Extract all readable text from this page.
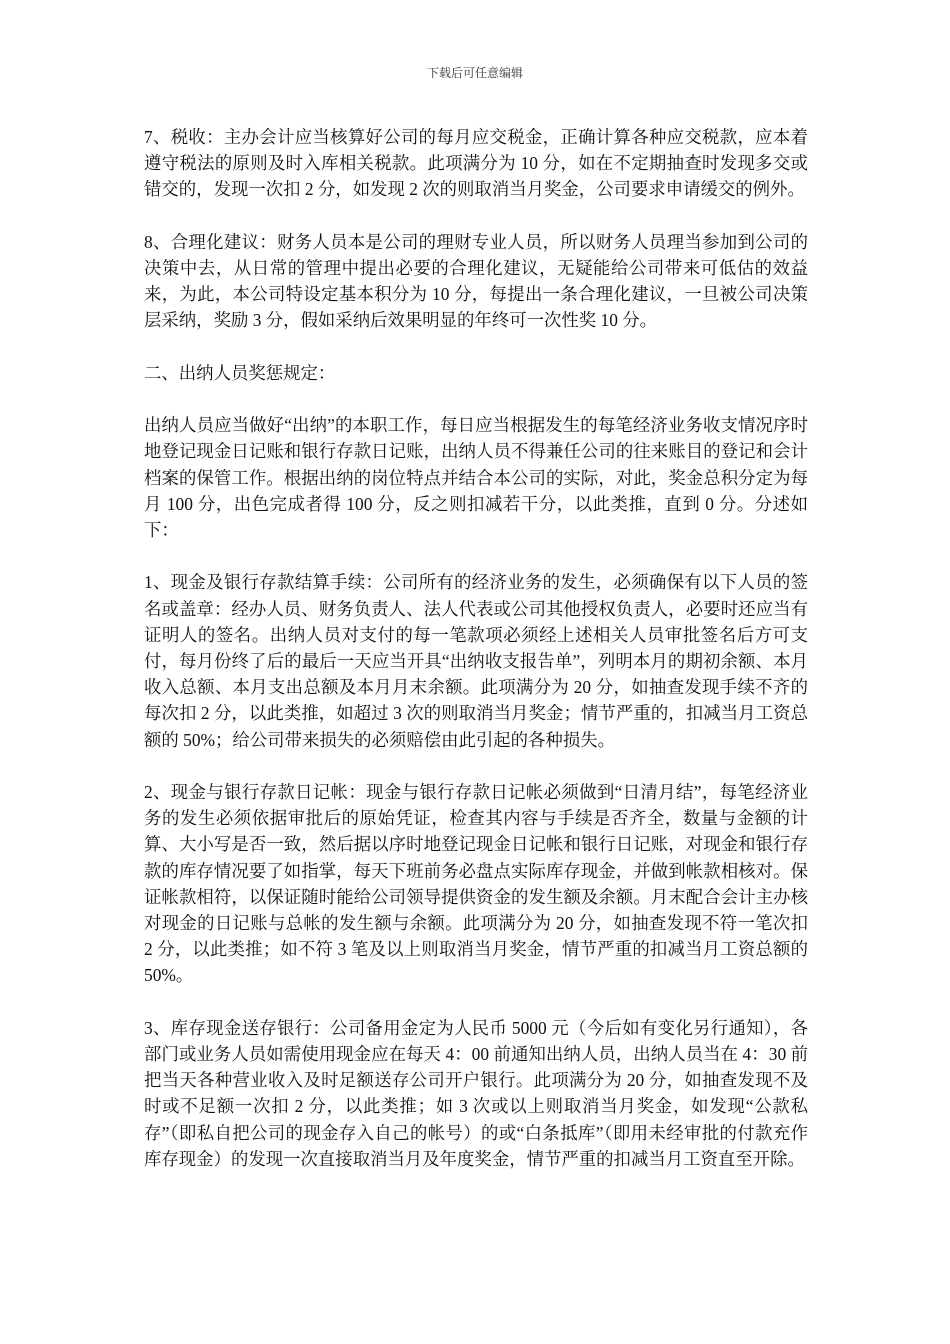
下载后可任意编辑

7、税收：主办会计应当核算好公司的每月应交税金，正确计算各种应交税款，应本着遵守税法的原则及时入库相关税款。此项满分为 10 分，如在不定期抽查时发现多交或错交的，发现一次扣 2 分，如发现 2 次的则取消当月奖金，公司要求申请缓交的例外。

8、合理化建议：财务人员本是公司的理财专业人员，所以财务人员理当参加到公司的决策中去，从日常的管理中提出必要的合理化建议，无疑能给公司带来可低估的效益来，为此，本公司特设定基本积分为 10 分，每提出一条合理化建议，一旦被公司决策层采纳，奖励 3 分，假如采纳后效果明显的年终可一次性奖 10 分。

二、出纳人员奖惩规定：

出纳人员应当做好“出纳”的本职工作，每日应当根据发生的每笔经济业务收支情况序时地登记现金日记账和银行存款日记账，出纳人员不得兼任公司的往来账目的登记和会计档案的保管工作。根据出纳的岗位特点并结合本公司的实际，对此，奖金总积分定为每月 100 分，出色完成者得 100 分，反之则扣减若干分，以此类推，直到 0 分。分述如下：

1、现金及银行存款结算手续：公司所有的经济业务的发生，必须确保有以下人员的签名或盖章：经办人员、财务负责人、法人代表或公司其他授权负责人，必要时还应当有证明人的签名。出纳人员对支付的每一笔款项必须经上述相关人员审批签名后方可支付，每月份终了后的最后一天应当开具“出纳收支报告单”，列明本月的期初余额、本月收入总额、本月支出总额及本月月末余额。此项满分为 20 分，如抽查发现手续不齐的每次扣 2 分，以此类推，如超过 3 次的则取消当月奖金；情节严重的，扣减当月工资总额的 50%；给公司带来损失的必须赔偿由此引起的各种损失。

2、现金与银行存款日记帐：现金与银行存款日记帐必须做到“日清月结”，每笔经济业务的发生必须依据审批后的原始凭证，检查其内容与手续是否齐全，数量与金额的计算、大小写是否一致，然后据以序时地登记现金日记帐和银行日记账，对现金和银行存款的库存情况要了如指掌，每天下班前务必盘点实际库存现金，并做到帐款相核对。保证帐款相符，以保证随时能给公司领导提供资金的发生额及余额。月末配合会计主办核对现金的日记账与总帐的发生额与余额。此项满分为 20 分，如抽查发现不符一笔次扣 2 分，以此类推；如不符 3 笔及以上则取消当月奖金，情节严重的扣减当月工资总额的 50%。

3、库存现金送存银行：公司备用金定为人民币 5000 元（今后如有变化另行通知），各部门或业务人员如需使用现金应在每天 4：00 前通知出纳人员，出纳人员当在 4：30 前把当天各种营业收入及时足额送存公司开户银行。此项满分为 20 分，如抽查发现不及时或不足额一次扣 2 分，以此类推；如 3 次或以上则取消当月奖金，如发现“公款私存”（即私自把公司的现金存入自己的帐号）的或“白条抵库”（即用未经审批的付款充作库存现金）的发现一次直接取消当月及年度奖金，情节严重的扣减当月工资直至开除。
